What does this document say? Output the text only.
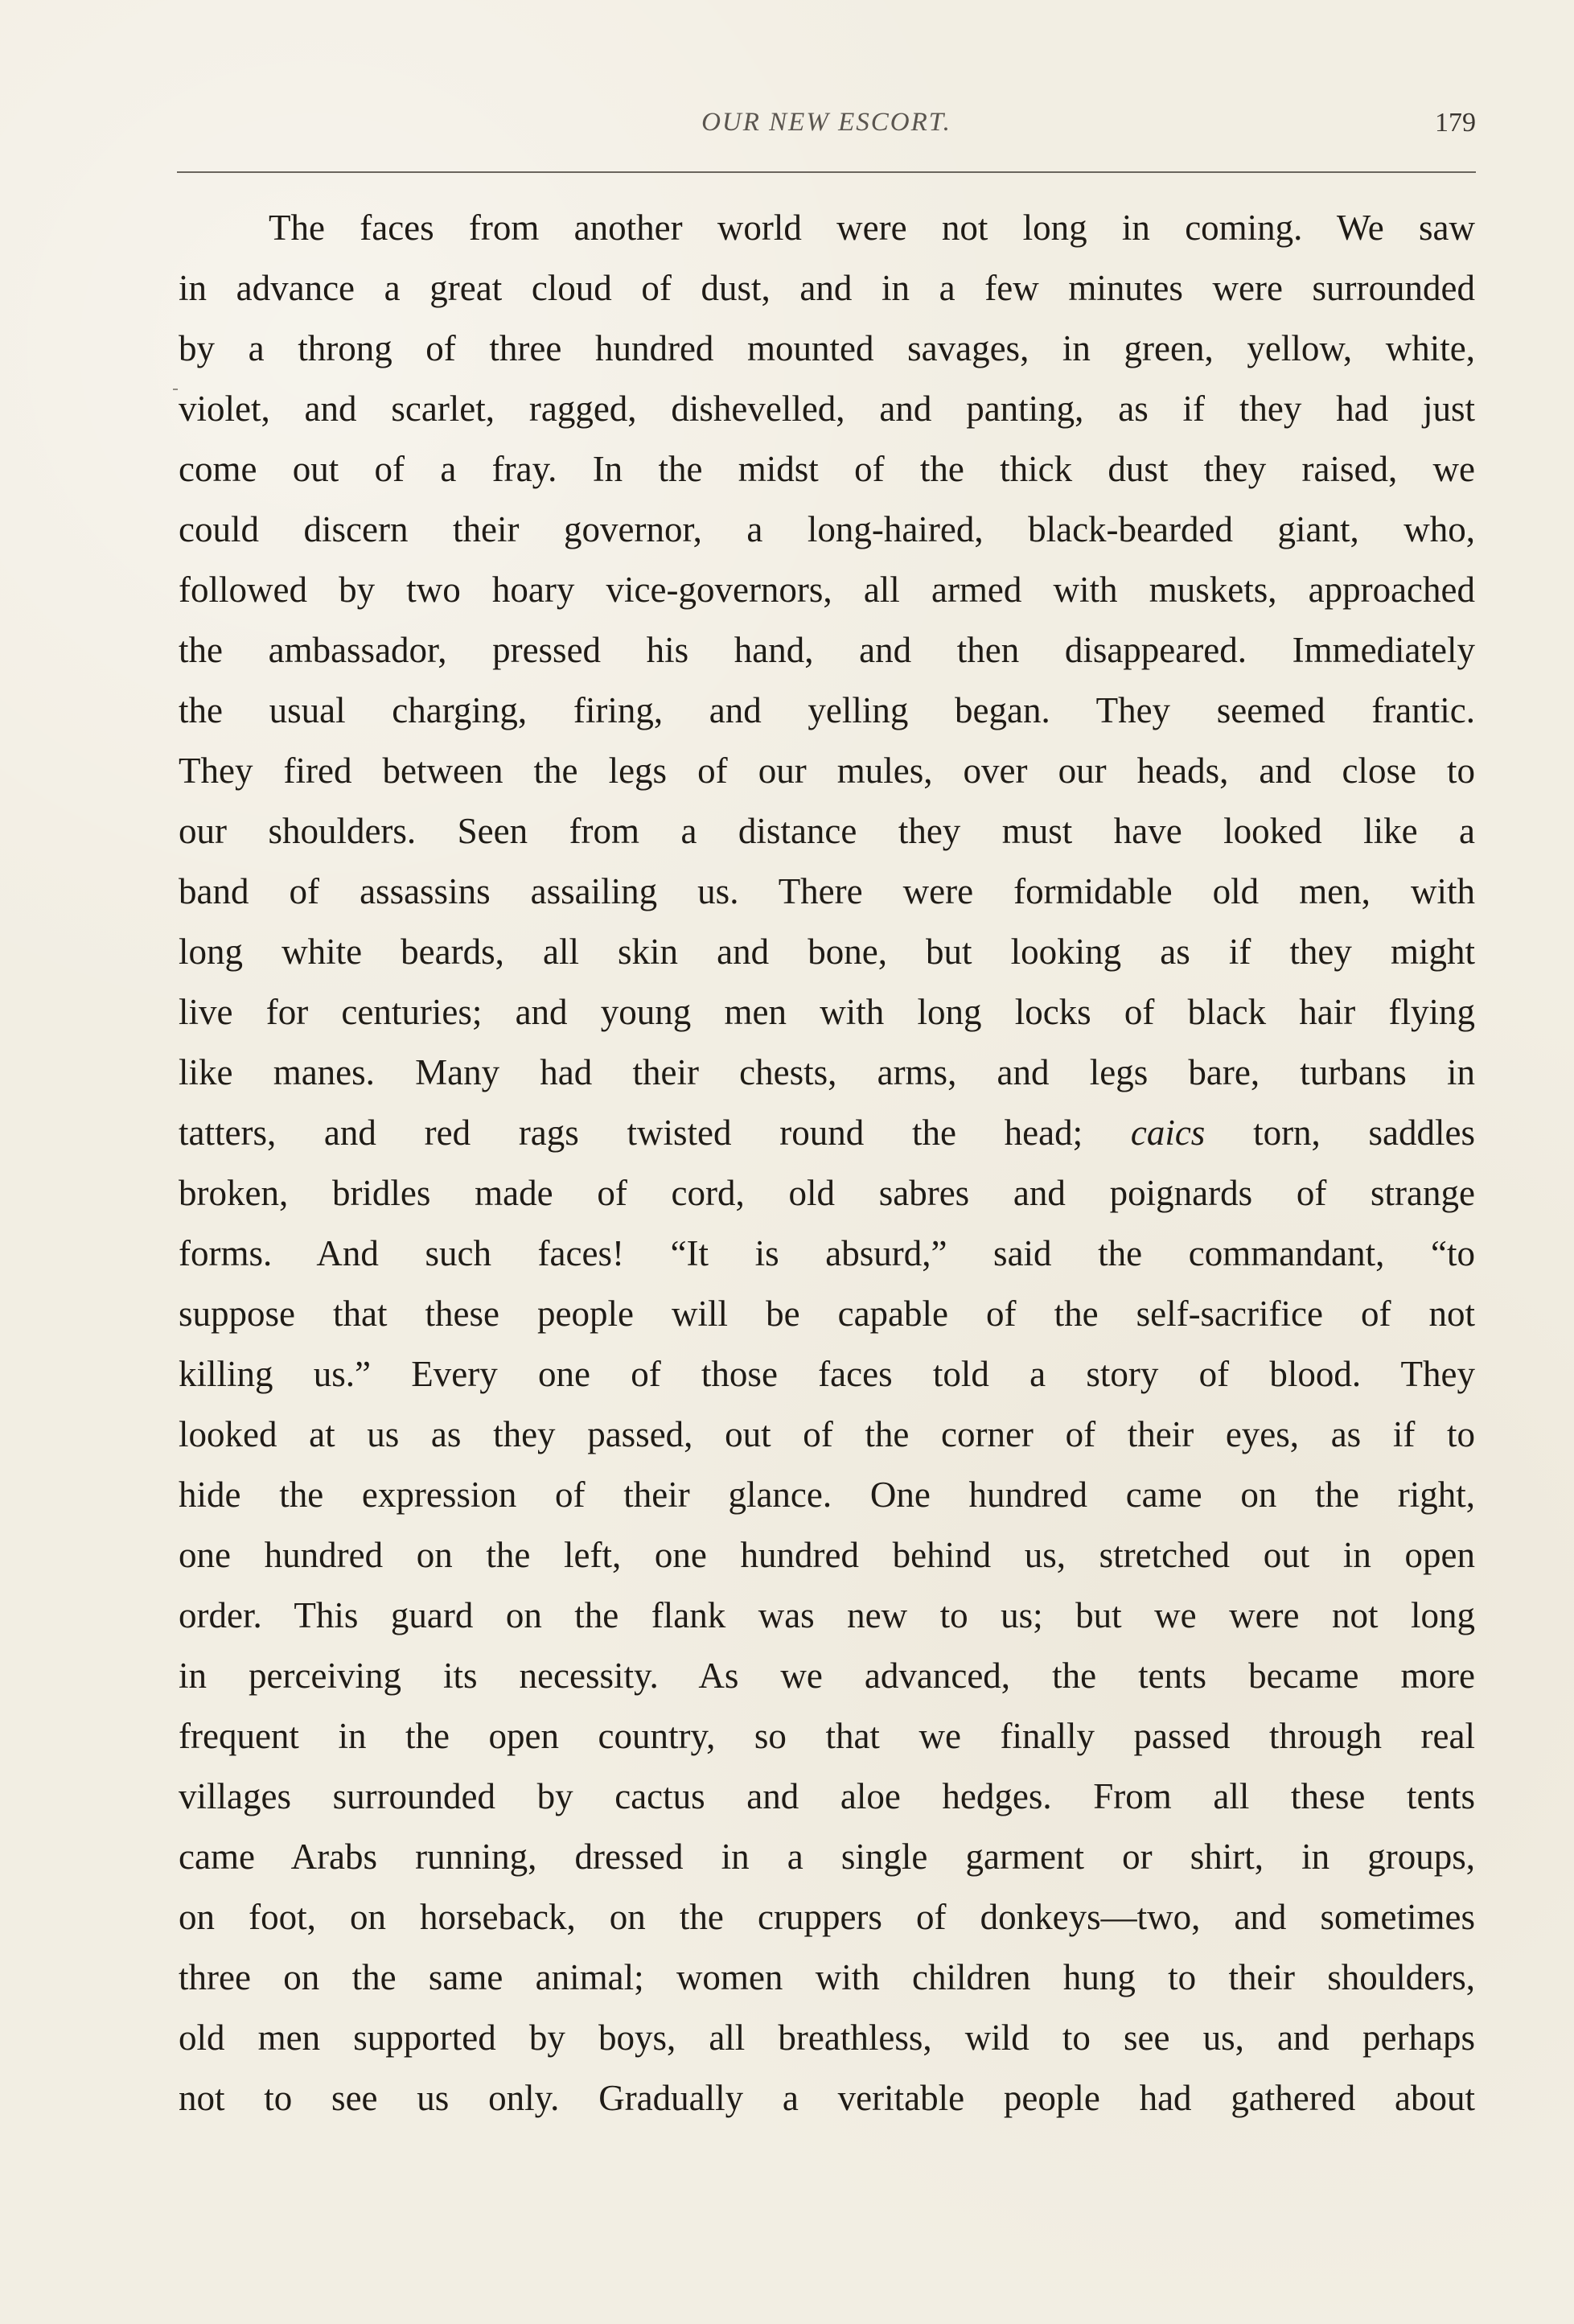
OUR NEW ESCORT.	179
The faces from another world were not long in coming. We saw
in advance a great cloud of dust, and in a few minutes were surrounded
by a throng of three hundred mounted savages, in green, yellow, white,
violet, and scarlet, ragged, dishevelled, and panting, as if they had just
come out of a fray. In the midst of the thick dust they raised, we
could discern their governor, a long-haired, black-bearded giant, who,
followed by two hoary vice-governors, all armed with muskets, approached
the ambassador, pressed his hand, and then disappeared. Immediately
the usual charging, firing, and yelling began. They seemed frantic.
They fired between the legs of our mules, over our heads, and close to
our shoulders. Seen from a distance they must have looked like a
band of assassins assailing us. There were formidable old men, with
long white beards, all skin and bone, but looking as if they might
live for centuries; and young men with long locks of black hair flying
like manes. Many had their chests, arms, and legs bare, turbans in
tatters, and red rags twisted round the head; caics torn, saddles
broken, bridles made of cord, old sabres and poignards of strange
forms. And such faces! “It is absurd,” said the commandant, “to
suppose that these people will be capable of the self-sacrifice of not
killing us.” Every one of those faces told a story of blood. They
looked at us as they passed, out of the corner of their eyes, as if to
hide the expression of their glance. One hundred came on the right,
one hundred on the left, one hundred behind us, stretched out in open
order. This guard on the flank was new to us; but we were not long
in perceiving its necessity. As we advanced, the tents became more
frequent in the open country, so that we finally passed through real
villages surrounded by cactus and aloe hedges. From all these tents
came Arabs running, dressed in a single garment or shirt, in groups,
on foot, on horseback, on the cruppers of donkeys—two, and sometimes
three on the same animal; women with children hung to their shoulders,
old men supported by boys, all breathless, wild to see us, and perhaps
not to see us only. Gradually a veritable people had gathered about
